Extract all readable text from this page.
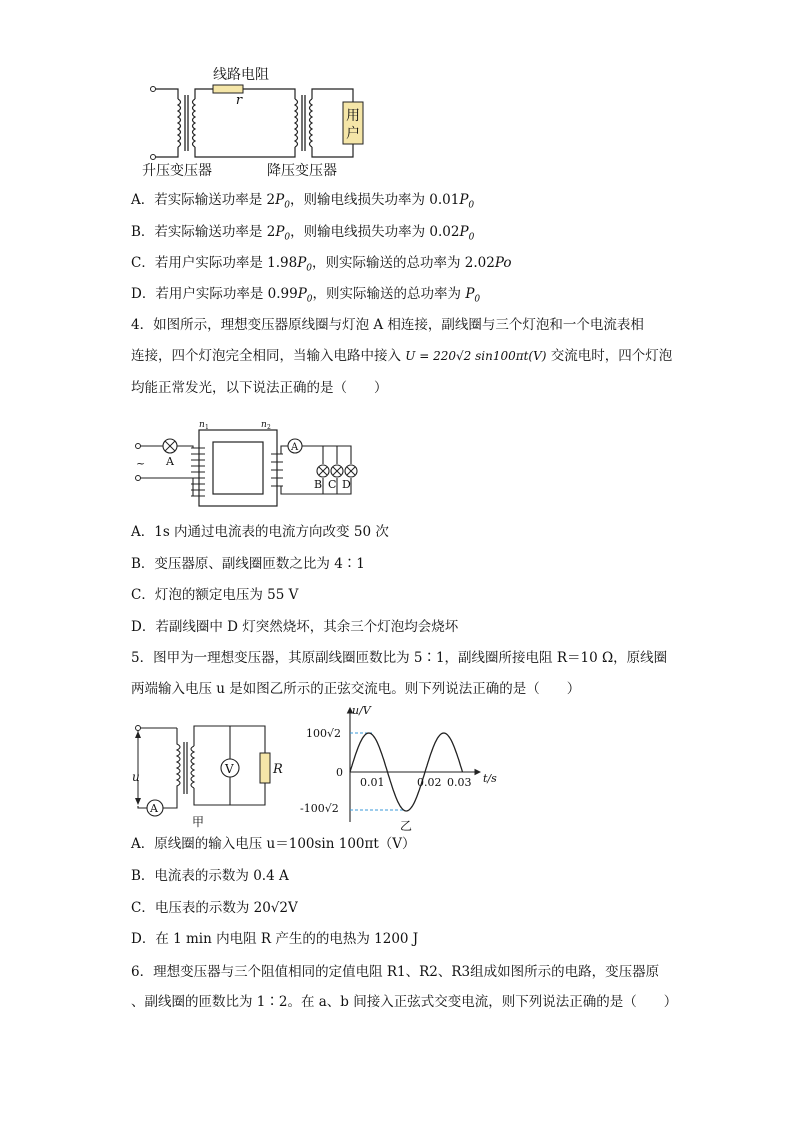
用
户
线路电阻
r
升压变压器	降压变压器
A．若实际输送功率是 $2P_0$，则输电线损失功率为 $0.01P_0$
B．若实际输送功率是 $2P_0$，则输电线损失功率为 $0.02P_0$
C．若用户实际功率是 $1.98P_0$，则实际输送的总功率为 2.02Po
D．若用户实际功率是 $0.99P_0$，则实际输送的总功率为 $P_0$
4．如图所示，理想变压器原线圈与灯泡 A 相连接，副线圈与三个灯泡和一个电流表相
连接，四个灯泡完全相同，当输入电路中接入 U = 220√2 sin100πt(V) 交流电时，四个灯泡
均能正常发光，以下说法正确的是（　　）
~ A
n 1	n 2
A
B C D
A．1s 内通过电流表的电流方向改变 50 次
B．变压器原、副线圈匝数之比为 4∶1
C．灯泡的额定电压为 55 V
D．若副线圈中 D 灯突然烧坏，其余三个灯泡均会烧坏
5．图甲为一理想变压器，其原副线圈匝数比为 5∶1，副线圈所接电阻 R＝10 Ω，原线圈
两端输入电压 u 是如图乙所示的正弦交流电。则下列说法正确的是（　　）
u
A
V	R
甲
u/V
t/s
0
100√2
-100√2
0.01	0.02 0.03
乙
A．原线圈的输入电压 u＝100sin 100πt（V）
B．电流表的示数为 0.4 A
C．电压表的示数为 20√2V
D．在 1 min 内电阻 R 产生的的电热为 1200 J
6．理想变压器与三个阻值相同的定值电阻 R1、R2、R3组成如图所示的电路，变压器原
、副线圈的匝数比为 1∶2。在 a、b 间接入正弦式交变电流，则下列说法正确的是（　　）
